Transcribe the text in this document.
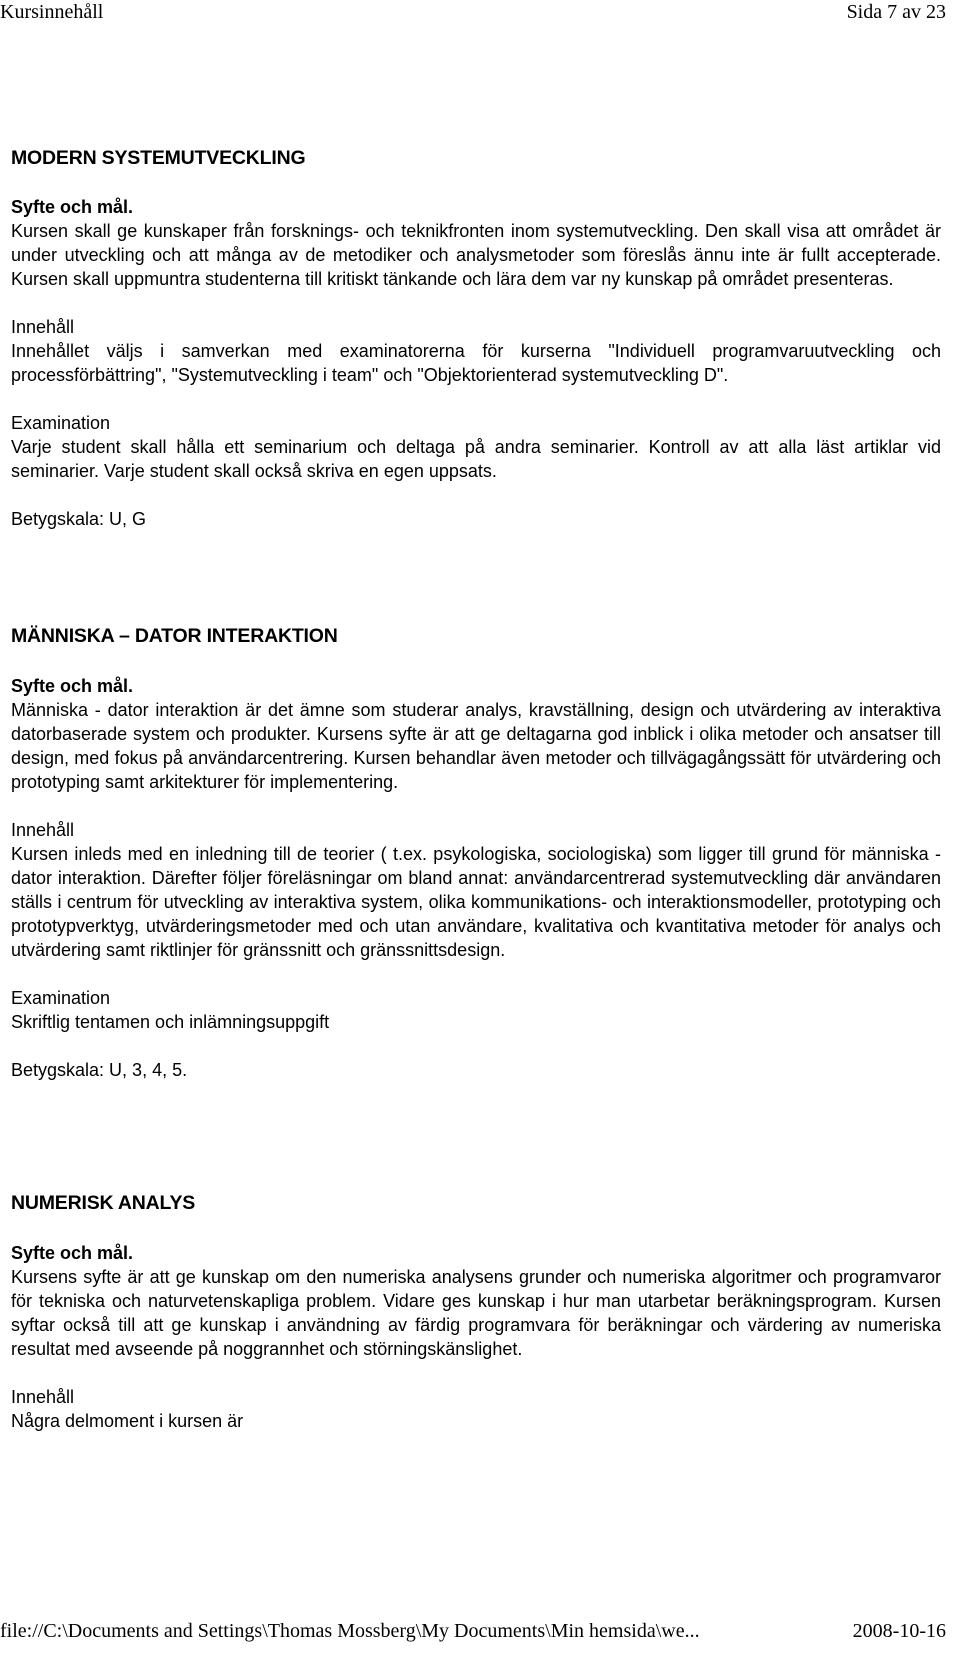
Kursinnehåll	Sida 7 av 23
MODERN SYSTEMUTVECKLING
Syfte och mål.

Kursen skall ge kunskaper från forsknings- och teknikfronten inom systemutveckling. Den skall visa att området är under utveckling och att många av de metodiker och analysmetoder som föreslås ännu inte är fullt accepterade. Kursen skall uppmuntra studenterna till kritiskt tänkande och lära dem var ny kunskap på området presenteras.

Innehåll

Innehållet väljs i samverkan med examinatorerna för kurserna "Individuell programvaruutveckling och processförbättring", "Systemutveckling i team" och "Objektorienterad systemutveckling D".

Examination

Varje student skall hålla ett seminarium och deltaga på andra seminarier. Kontroll av att alla läst artiklar vid seminarier. Varje student skall också skriva en egen uppsats.

Betygskala: U, G
MÄNNISKA – DATOR INTERAKTION
Syfte och mål.

Människa - dator interaktion är det ämne som studerar analys, kravställning, design och utvärdering av interaktiva datorbaserade system och produkter. Kursens syfte är att ge deltagarna god inblick i olika metoder och ansatser till design, med fokus på användarcentrering. Kursen behandlar även metoder och tillvägagångssätt för utvärdering och prototyping samt arkitekturer för implementering.

Innehåll

Kursen inleds med en inledning till de teorier ( t.ex. psykologiska, sociologiska) som ligger till grund för människa - dator interaktion. Därefter följer föreläsningar om bland annat: användarcentrerad systemutveckling där användaren ställs i centrum för utveckling av interaktiva system, olika kommunikations- och interaktionsmodeller, prototyping och prototypverktyg, utvärderingsmetoder med och utan användare, kvalitativa och kvantitativa metoder för analys och utvärdering samt riktlinjer för gränssnitt och gränssnittsdesign.

Examination

Skriftlig tentamen och inlämningsuppgift

Betygskala: U, 3, 4, 5.
NUMERISK ANALYS
Syfte och mål.

Kursens syfte är att ge kunskap om den numeriska analysens grunder och numeriska algoritmer och programvaror för tekniska och naturvetenskapliga problem. Vidare ges kunskap i hur man utarbetar beräkningsprogram. Kursen syftar också till att ge kunskap i användning av färdig programvara för beräkningar och värdering av numeriska resultat med avseende på noggrannhet och störningskänslighet.

Innehåll

Några delmoment i kursen är

file://C:\Documents and Settings\Thomas Mossberg\My Documents\Min hemsida\we...	2008-10-16
